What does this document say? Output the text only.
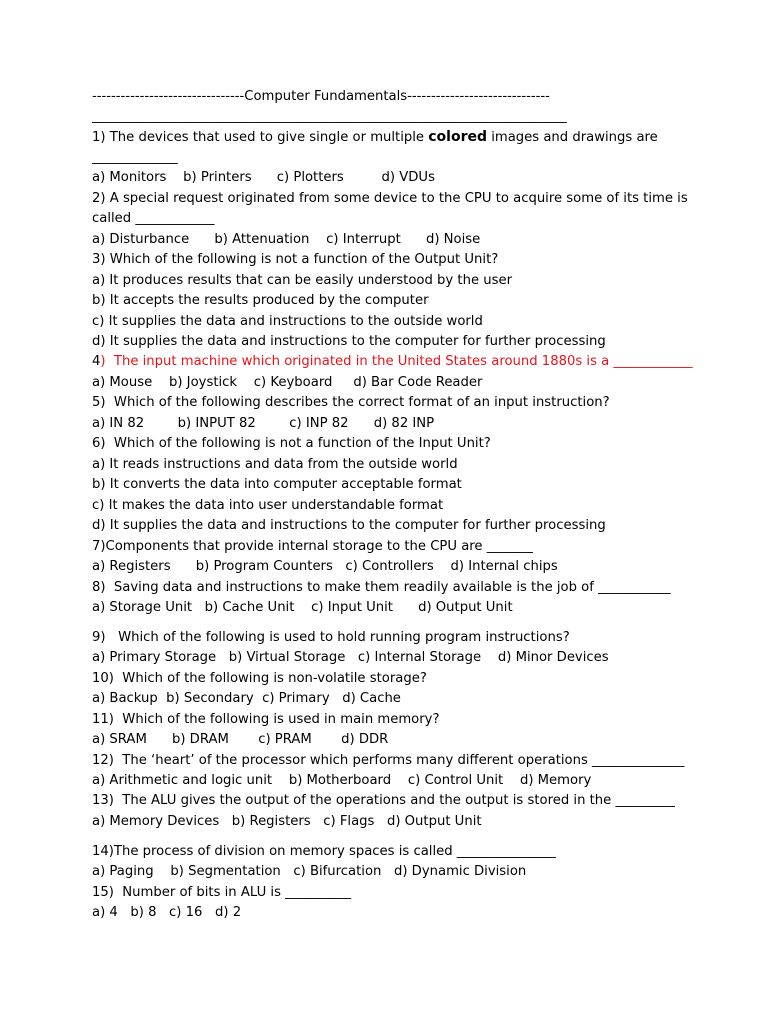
--------------------------------Computer Fundamentals------------------------------

________________________________________________________________________

1) The devices that used to give single or multiple colored images and drawings are

_____________

a) Monitors    b) Printers      c) Plotters         d) VDUs

2) A special request originated from some device to the CPU to acquire some of its time is

called ____________

a) Disturbance      b) Attenuation    c) Interrupt      d) Noise

3) Which of the following is not a function of the Output Unit?

a) It produces results that can be easily understood by the user

b) It accepts the results produced by the computer

c) It supplies the data and instructions to the outside world

d) It supplies the data and instructions to the computer for further processing

4)  The input machine which originated in the United States around 1880s is a ____________

a) Mouse    b) Joystick    c) Keyboard     d) Bar Code Reader

5)  Which of the following describes the correct format of an input instruction?

a) IN 82        b) INPUT 82        c) INP 82      d) 82 INP

6)  Which of the following is not a function of the Input Unit?

a) It reads instructions and data from the outside world

b) It converts the data into computer acceptable format

c) It makes the data into user understandable format

d) It supplies the data and instructions to the computer for further processing

7)Components that provide internal storage to the CPU are _______

a) Registers      b) Program Counters   c) Controllers    d) Internal chips

8)  Saving data and instructions to make them readily available is the job of ___________

a) Storage Unit   b) Cache Unit    c) Input Unit      d) Output Unit

9)   Which of the following is used to hold running program instructions?

a) Primary Storage   b) Virtual Storage   c) Internal Storage    d) Minor Devices

10)  Which of the following is non-volatile storage?

a) Backup  b) Secondary  c) Primary   d) Cache

11)  Which of the following is used in main memory?

a) SRAM      b) DRAM       c) PRAM       d) DDR

12)  The ‘heart’ of the processor which performs many different operations ______________

a) Arithmetic and logic unit    b) Motherboard    c) Control Unit    d) Memory

13)  The ALU gives the output of the operations and the output is stored in the _________

a) Memory Devices   b) Registers   c) Flags   d) Output Unit

14)The process of division on memory spaces is called _______________

a) Paging    b) Segmentation   c) Bifurcation   d) Dynamic Division

15)  Number of bits in ALU is __________

a) 4   b) 8   c) 16   d) 2
